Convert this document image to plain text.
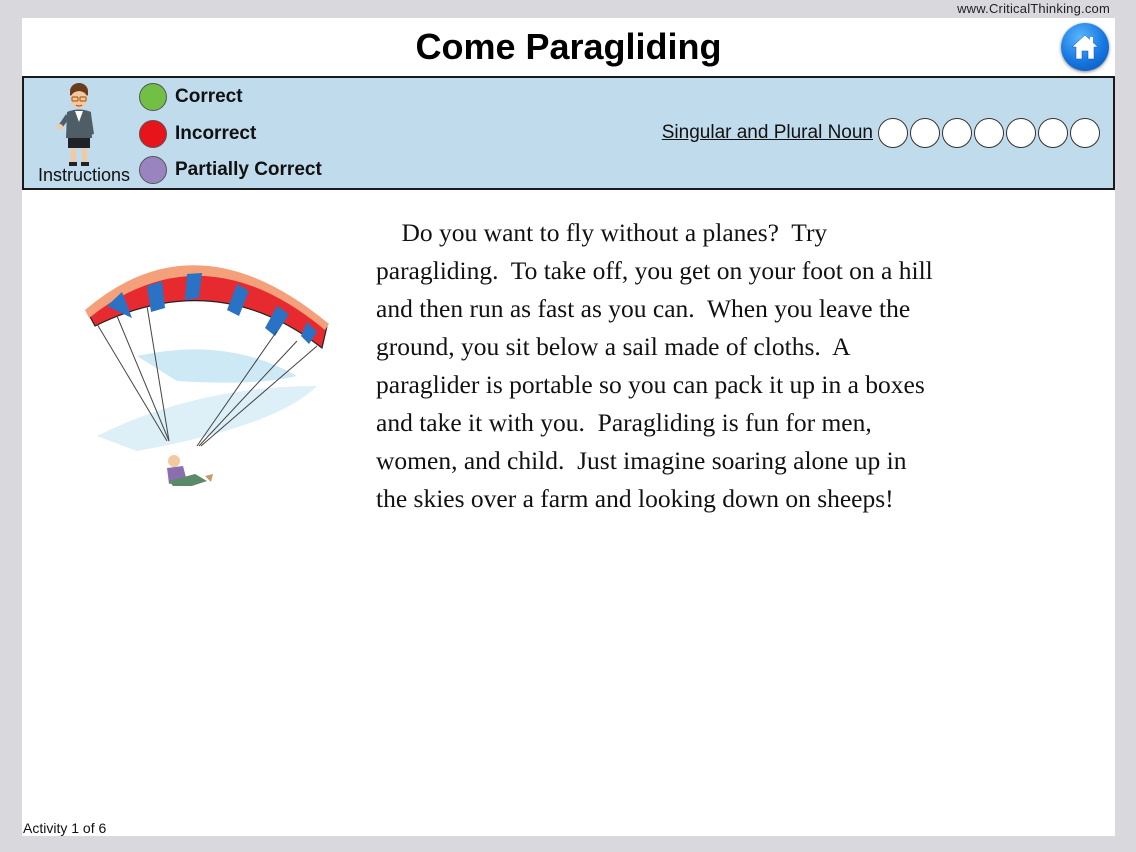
www.CriticalThinking.com
Come Paragliding
Instructions
Correct
Incorrect
Partially Correct
Singular and Plural Noun
Do you want to fly without a planes?  Try
paragliding.  To take off, you get on your foot on a hill
and then run as fast as you can.  When you leave the
ground, you sit below a sail made of cloths.  A
paraglider is portable so you can pack it up in a boxes
and take it with you.  Paragliding is fun for men,
women, and child.  Just imagine soaring alone up in
the skies over a farm and looking down on sheeps!
Activity 1 of 6
